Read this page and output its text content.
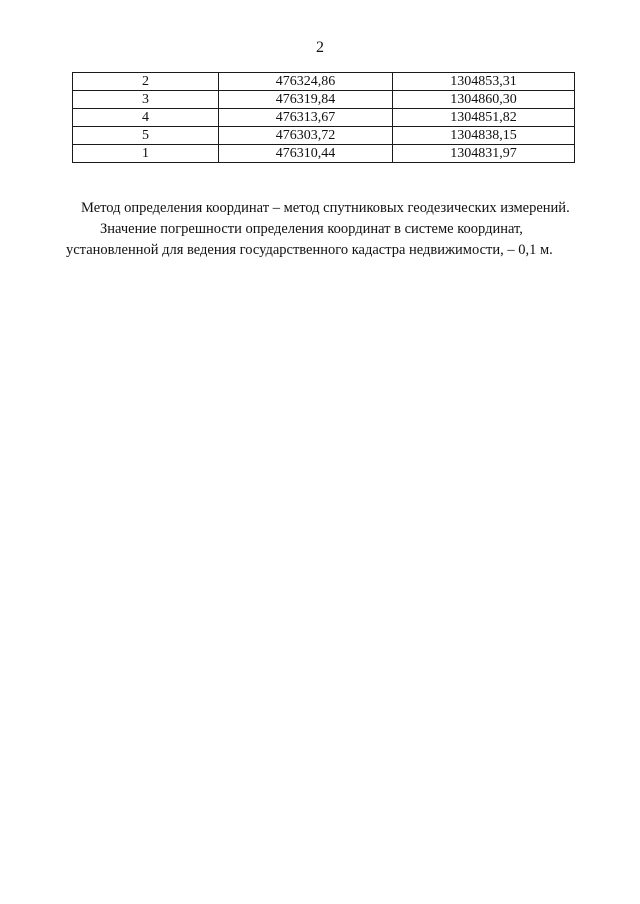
2
2	476324,86	1304853,31
3	476319,84	1304860,30
4	476313,67	1304851,82
5	476303,72	1304838,15
1	476310,44	1304831,97
Метод определения координат – метод спутниковых геодезических измерений.
Значение погрешности определения координат в системе координат,
установленной для ведения государственного кадастра недвижимости, – 0,1 м.
